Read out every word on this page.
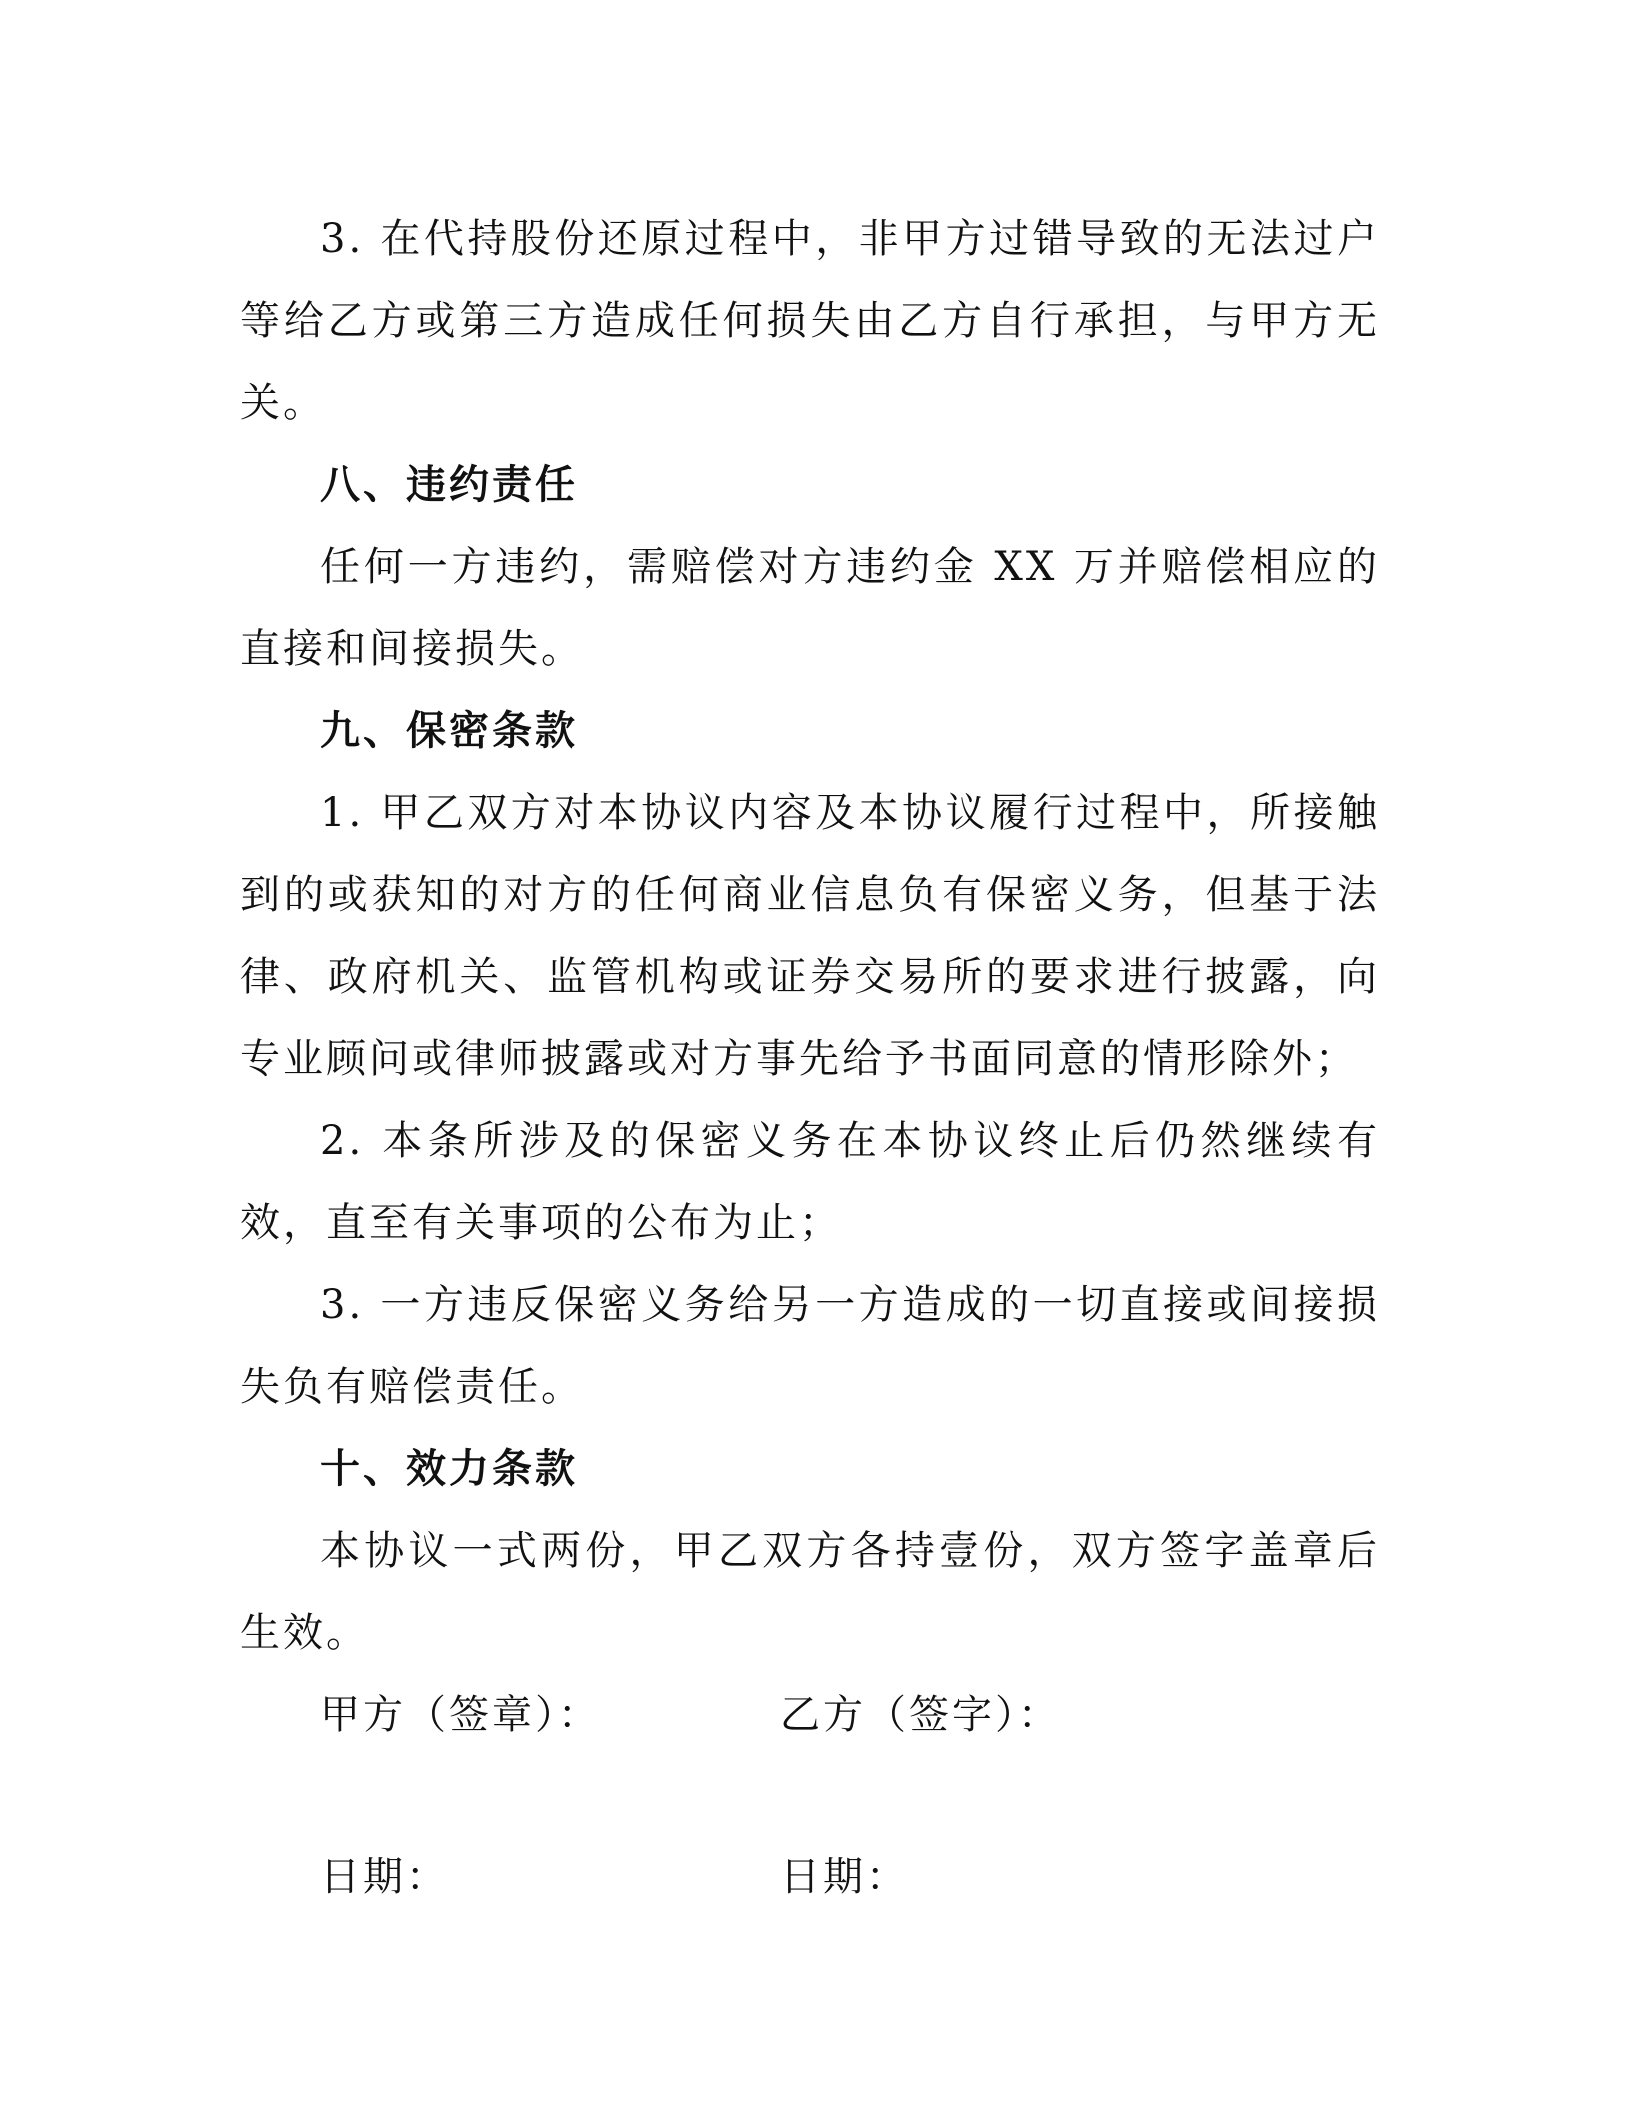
3. 在代持股份还原过程中，非甲方过错导致的无法过户等给乙方或第三方造成任何损失由乙方自行承担，与甲方无关。

八、违约责任

任何一方违约，需赔偿对方违约金 XX 万并赔偿相应的直接和间接损失。

九、保密条款

1. 甲乙双方对本协议内容及本协议履行过程中，所接触到的或获知的对方的任何商业信息负有保密义务，但基于法律、政府机关、监管机构或证券交易所的要求进行披露，向专业顾问或律师披露或对方事先给予书面同意的情形除外；

2. 本条所涉及的保密义务在本协议终止后仍然继续有效，直至有关事项的公布为止；

3. 一方违反保密义务给另一方造成的一切直接或间接损失负有赔偿责任。

十、效力条款

本协议一式两份，甲乙双方各持壹份，双方签字盖章后生效。

甲方（签章）：	乙方（签字）：
日期：	日期：
